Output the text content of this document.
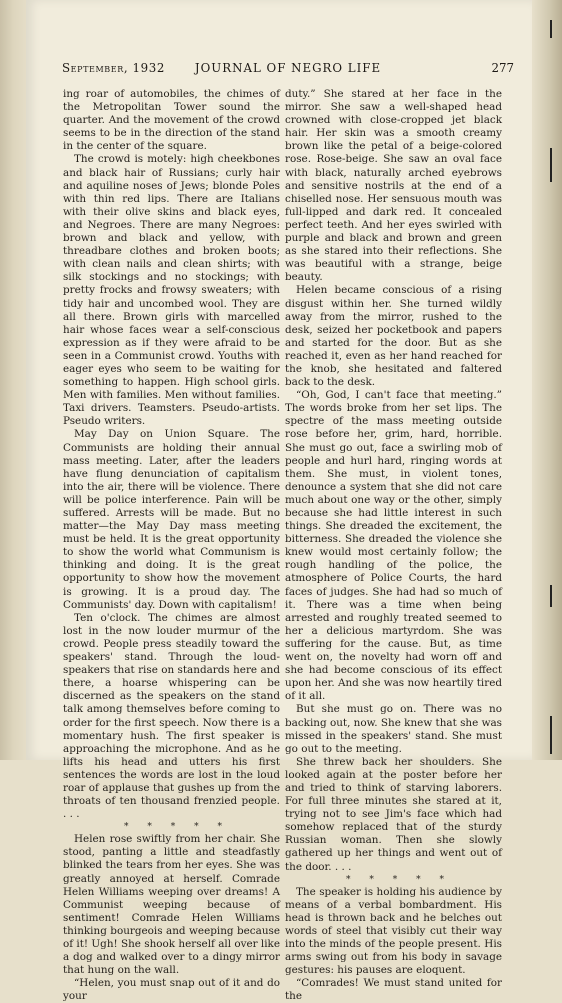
September, 1932	JOURNAL OF NEGRO LIFE	277

ing roar of automobiles, the chimes of the Metropolitan Tower sound the quarter. And the movement of the crowd seems to be in the direction of the stand in the center of the square.

The crowd is motely: high cheekbones and black hair of Russians; curly hair and aquiline noses of Jews; blonde Poles with thin red lips. There are Italians with their olive skins and black eyes, and Negroes. There are many Negroes: brown and black and yellow, with threadbare clothes and broken boots; with clean nails and clean shirts; with silk stockings and no stockings; with pretty frocks and frowsy sweaters; with tidy hair and uncombed wool. They are all there. Brown girls with marcelled hair whose faces wear a self-conscious expression as if they were afraid to be seen in a Communist crowd. Youths with eager eyes who seem to be waiting for something to happen. High school girls. Men with families. Men without families. Taxi drivers. Teamsters. Pseudo-artists. Pseudo writers.

May Day on Union Square. The Communists are holding their annual mass meeting. Later, after the leaders have flung denunciation of capitalism into the air, there will be violence. There will be police interference. Pain will be suffered. Arrests will be made. But no matter—the May Day mass meeting must be held. It is the great opportunity to show the world what Communism is thinking and doing. It is the great opportunity to show how the movement is growing. It is a proud day. The Communists' day. Down with capitalism!

Ten o'clock. The chimes are almost lost in the now louder murmur of the crowd. People press steadily toward the speakers' stand. Through the loud-speakers that rise on standards here and there, a hoarse whispering can be discerned as the speakers on the stand talk among themselves before coming to order for the first speech. Now there is a momentary hush. The first speaker is approaching the microphone. And as he lifts his head and utters his first sentences the words are lost in the loud roar of applause that gushes up from the throats of ten thousand frenzied people. . . .

* * * * *

Helen rose swiftly from her chair. She stood, panting a little and steadfastly blinked the tears from her eyes. She was greatly annoyed at herself. Comrade Helen Williams weeping over dreams! A Communist weeping because of sentiment! Comrade Helen Williams thinking bourgeois and weeping because of it! Ugh! She shook herself all over like a dog and walked over to a dingy mirror that hung on the wall.

“Helen, you must snap out of it and do your

duty.” She stared at her face in the mirror. She saw a well-shaped head crowned with close-cropped jet black hair. Her skin was a smooth creamy brown like the petal of a beige-colored rose. Rose-beige. She saw an oval face with black, naturally arched eyebrows and sensitive nostrils at the end of a chiselled nose. Her sensuous mouth was full-lipped and dark red. It concealed perfect teeth. And her eyes swirled with purple and black and brown and green as she stared into their reflections. She was beautiful with a strange, beige beauty.

Helen became conscious of a rising disgust within her. She turned wildly away from the mirror, rushed to the desk, seized her pocketbook and papers and started for the door. But as she reached it, even as her hand reached for the knob, she hesitated and faltered back to the desk.

“Oh, God, I can't face that meeting.” The words broke from her set lips. The spectre of the mass meeting outside rose before her, grim, hard, horrible. She must go out, face a swirling mob of people and hurl hard, ringing words at them. She must, in violent tones, denounce a system that she did not care much about one way or the other, simply because she had little interest in such things. She dreaded the excitement, the bitterness. She dreaded the violence she knew would most certainly follow; the rough handling of the police, the atmosphere of Police Courts, the hard faces of judges. She had had so much of it. There was a time when being arrested and roughly treated seemed to her a delicious martyrdom. She was suffering for the cause. But, as time went on, the novelty had worn off and she had become conscious of its effect upon her. And she was now heartily tired of it all.

But she must go on. There was no backing out, now. She knew that she was missed in the speakers' stand. She must go out to the meeting.

She threw back her shoulders. She looked again at the poster before her and tried to think of starving laborers. For full three minutes she stared at it, trying not to see Jim's face which had somehow replaced that of the sturdy Russian woman. Then she slowly gathered up her things and went out of the door. . . .

* * * * *

The speaker is holding his audience by means of a verbal bombardment. His head is thrown back and he belches out words of steel that visibly cut their way into the minds of the people present. His arms swing out from his body in savage gestures: his pauses are eloquent.

“Comrades! We must stand united for the
